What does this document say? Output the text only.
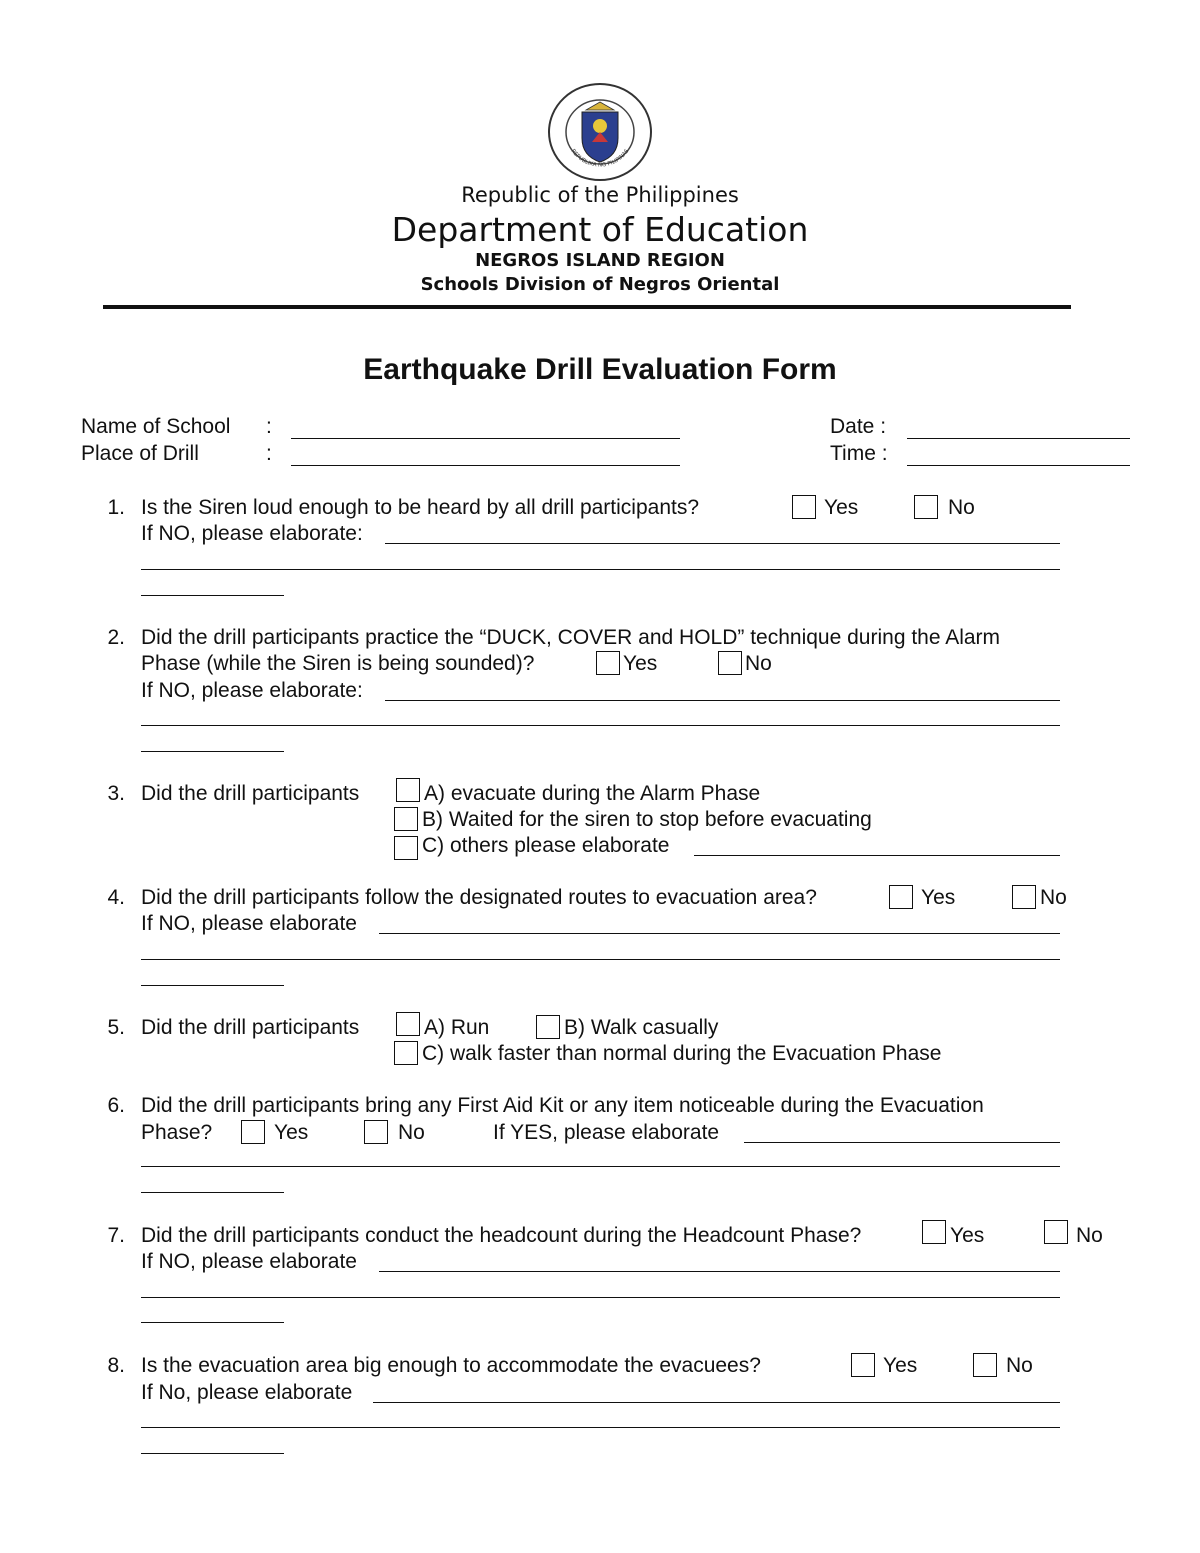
REPUBLIKA NG PILIPINAS
Republic of the Philippines
Department of Education
NEGROS ISLAND REGION
Schools Division of Negros Oriental
Earthquake Drill Evaluation Form
Name of School :
Place of Drill	:
Date :
Time :
1. Is the Siren loud enough to be heard by all drill participants?	Yes	No
If NO, please elaborate:
2. Did the drill participants practice the “DUCK, COVER and HOLD” technique during the Alarm
Phase (while the Siren is being sounded)?	Yes	No
If NO, please elaborate:
3. Did the drill participants	A) evacuate during the Alarm Phase
B) Waited for the siren to stop before evacuating
C) others please elaborate
4. Did the drill participants follow the designated routes to evacuation area?	Yes	No
If NO, please elaborate
5. Did the drill participants	A) Run	B) Walk casually
C) walk faster than normal during the Evacuation Phase
6. Did the drill participants bring any First Aid Kit or any item noticeable during the Evacuation
Phase?	Yes	No	If YES, please elaborate
7. Did the drill participants conduct the headcount during the Headcount Phase?	Yes	No
If NO, please elaborate
8. Is the evacuation area big enough to accommodate the evacuees?	Yes	No
If No, please elaborate
